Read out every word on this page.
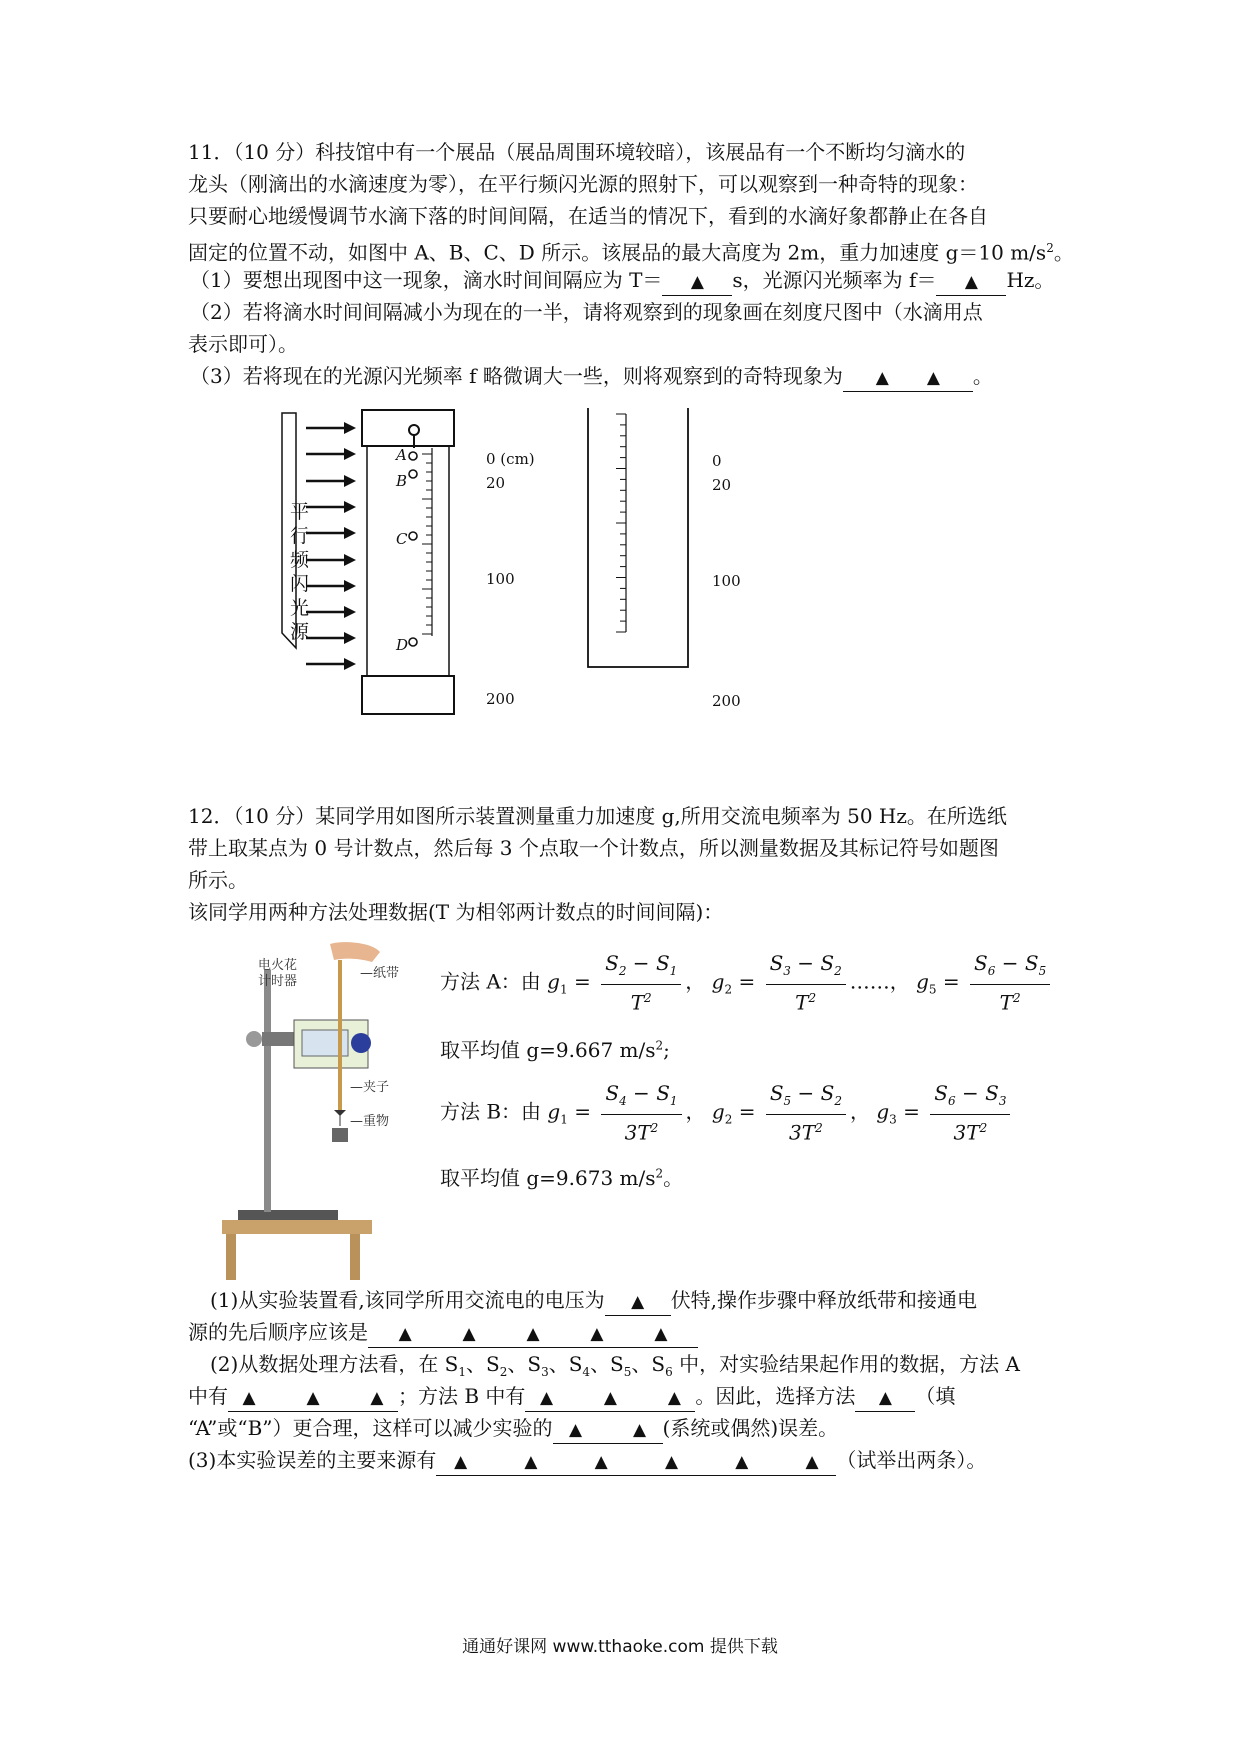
11．（10 分）科技馆中有一个展品（展品周围环境较暗），该展品有一个不断均匀滴水的
龙头（刚滴出的水滴速度为零），在平行频闪光源的照射下，可以观察到一种奇特的现象：
只要耐心地缓慢调节水滴下落的时间间隔，在适当的情况下，看到的水滴好象都静止在各自
固定的位置不动，如图中 A、B、C、D 所示。该展品的最大高度为 2m，重力加速度 g＝10 $m/s^2$。
（1）要想出现图中这一现象，滴水时间间隔应为 T＝ ▲ s，光源闪光频率为 f＝ ▲ Hz。
（2）若将滴水时间间隔减小为现在的一半，请将观察到的现象画在刻度尺图中（水滴用点
表示即可）。
（3）若将现在的光源闪光频率 f 略微调大一些，则将观察到的奇特现象为 ▲ ▲ 。
平
行
频
闪
光
源
A
B
C
D
0 (cm)
20
100
200
0
20
100
200
12．（10 分）某同学用如图所示装置测量重力加速度 g,所用交流电频率为 50 Hz。在所选纸
带上取某点为 0 号计数点，然后每 3 个点取一个计数点，所以测量数据及其标记符号如题图
所示。
该同学用两种方法处理数据(T 为相邻两计数点的时间间隔)：
电火花
计时器
—纸带
—夹子
—重物
方法 A：由 $g_1 = \frac{S_2 - S_1}{T^2}$ ， $g_2 = \frac{S_3 - S_2}{T^2}$ ……， $g_5 = \frac{S_6 - S_5}{T^2}$
取平均值 g=9.667 $m/s^2$;
方法 B：由 $g_1 = \frac{S_4 - S_1}{3T^2}$ ， $g_2 = \frac{S_5 - S_2}{3T^2}$ ， $g_3 = \frac{S_6 - S_3}{3T^2}$
取平均值 g=9.673 $m/s^2$。
(1)从实验装置看,该同学所用交流电的电压为 ▲ 伏特,操作步骤中释放纸带和接通电
源的先后顺序应该是 ▲	▲	▲	▲	▲
(2)从数据处理方法看，在 $S_1$、$S_2$、$S_3$、$S_4$、$S_5$、$S_6$ 中，对实验结果起作用的数据，方法 A
中有 ▲	▲	▲ ；方法 B 中有 ▲	▲	▲ 。因此，选择方法 ▲ （填
“A”或“B”）更合理，这样可以减少实验的 ▲	▲ (系统或偶然)误差。
(3)本实验误差的主要来源有 ▲	▲	▲	▲	▲	▲ （试举出两条）。
通通好课网 www.tthaoke.com 提供下载
